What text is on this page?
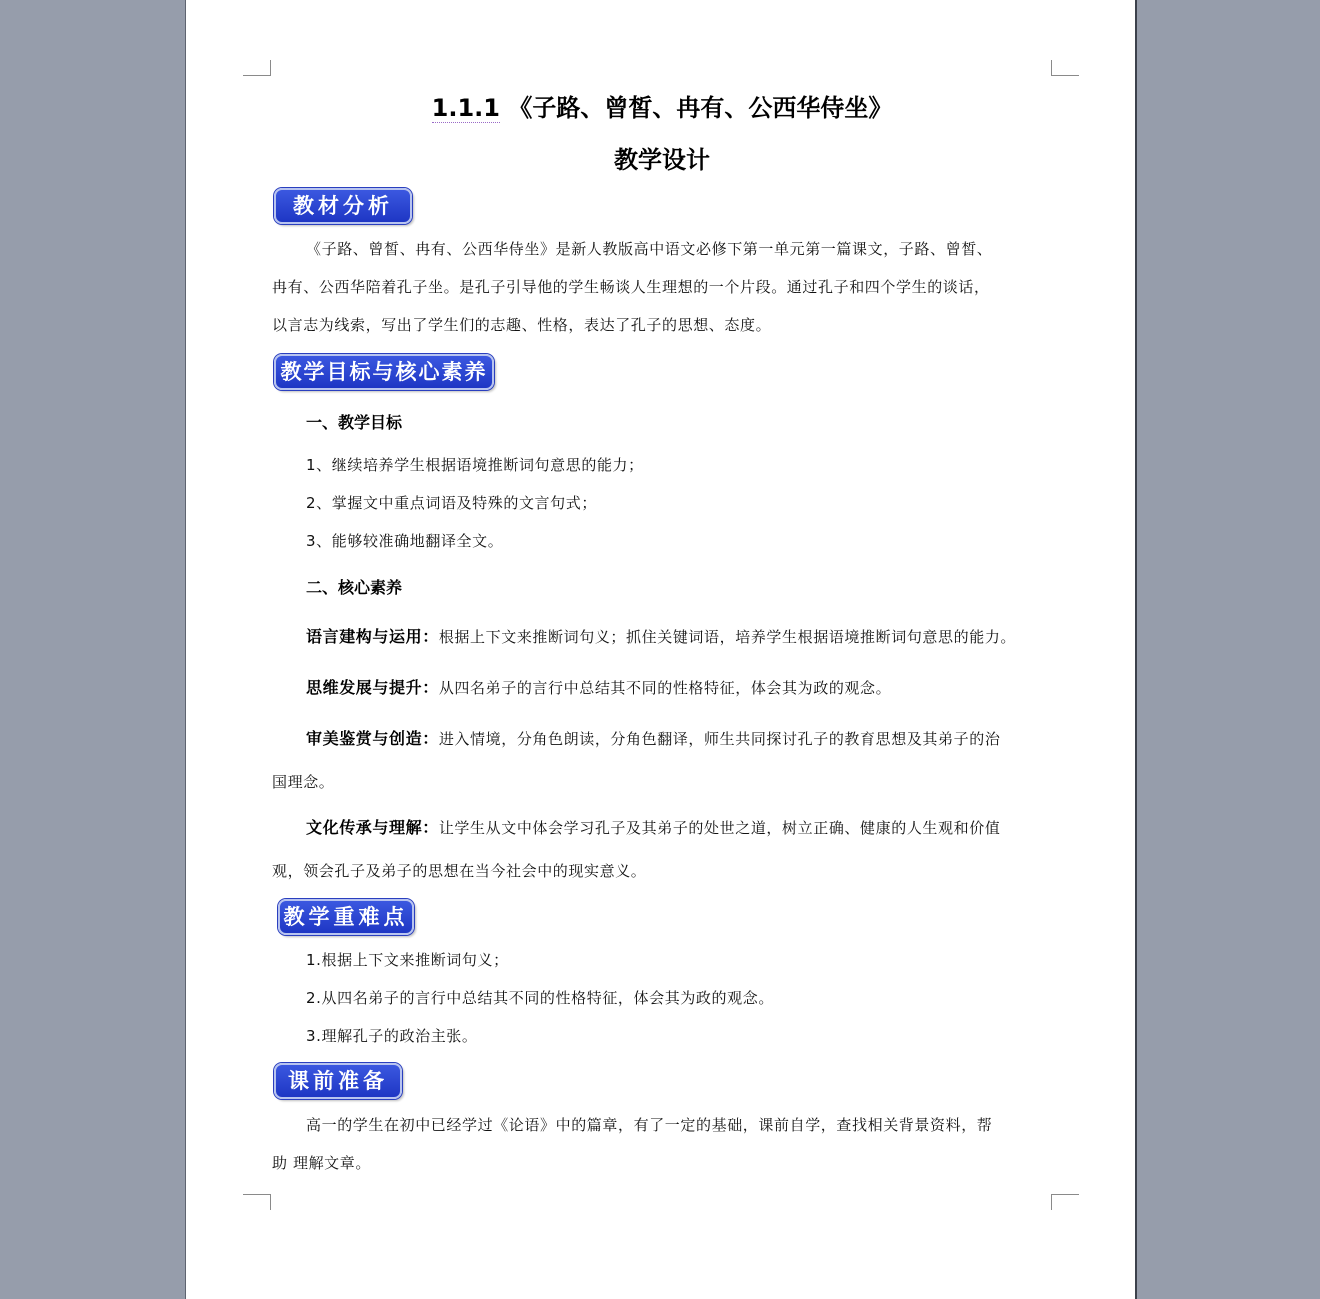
1.1.1 《子路、曾皙、冉有、公西华侍坐》
教学设计
教材分析
《子路、曾皙、冉有、公西华侍坐》是新人教版高中语文必修下第一单元第一篇课文，子路、曾皙、
冉有、公西华陪着孔子坐。是孔子引导他的学生畅谈人生理想的一个片段。通过孔子和四个学生的谈话，
以言志为线索，写出了学生们的志趣、性格，表达了孔子的思想、态度。
教学目标与核心素养
一、教学目标
1、继续培养学生根据语境推断词句意思的能力；
2、掌握文中重点词语及特殊的文言句式；
3、能够较准确地翻译全文。
二、核心素养
语言建构与运用：根据上下文来推断词句义；抓住关键词语，培养学生根据语境推断词句意思的能力。
思维发展与提升：从四名弟子的言行中总结其不同的性格特征，体会其为政的观念。
审美鉴赏与创造：进入情境，分角色朗读，分角色翻译，师生共同探讨孔子的教育思想及其弟子的治
国理念。
文化传承与理解：让学生从文中体会学习孔子及其弟子的处世之道，树立正确、健康的人生观和价值
观，领会孔子及弟子的思想在当今社会中的现实意义。
教学重难点
1.根据上下文来推断词句义；
2.从四名弟子的言行中总结其不同的性格特征，体会其为政的观念。
3.理解孔子的政治主张。
课前准备
高一的学生在初中已经学过《论语》中的篇章，有了一定的基础，课前自学，查找相关背景资料，帮
助 理解文章。
